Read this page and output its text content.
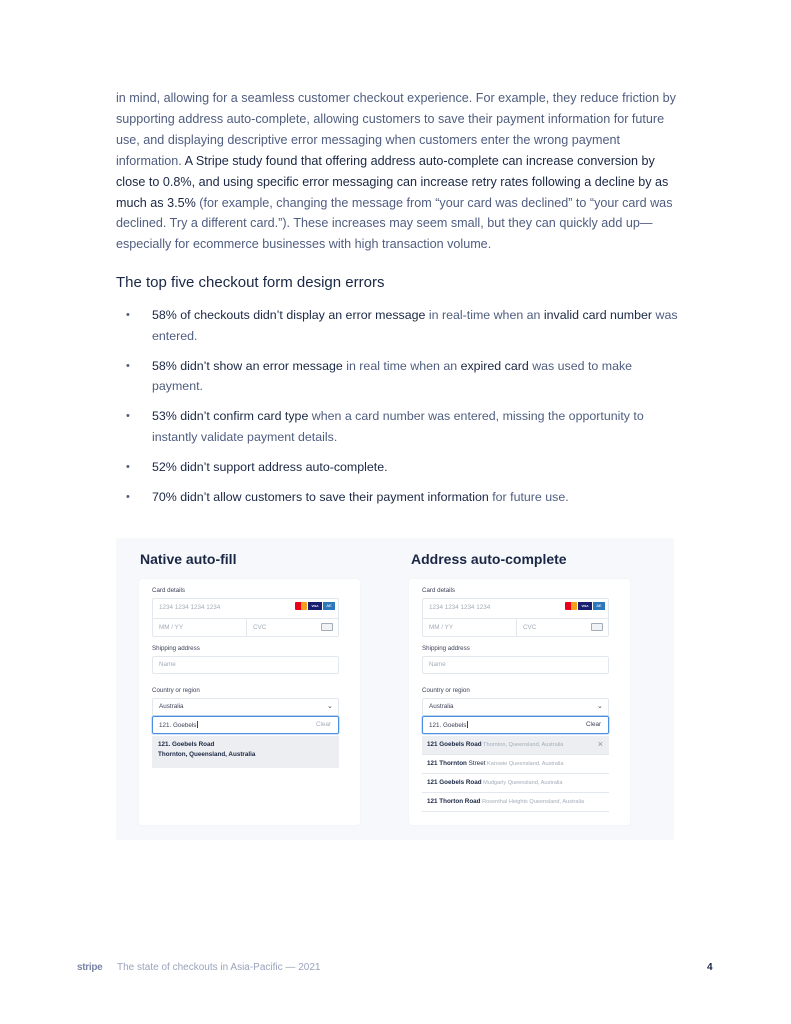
in mind, allowing for a seamless customer checkout experience. For example, they reduce friction by supporting address auto-complete, allowing customers to save their payment information for future use, and displaying descriptive error messaging when customers enter the wrong payment information. A Stripe study found that offering address auto-complete can increase conversion by close to 0.8%, and using specific error messaging can increase retry rates following a decline by as much as 3.5% (for example, changing the message from “your card was declined” to “your card was declined. Try a different card.”). These increases may seem small, but they can quickly add up—especially for ecommerce businesses with high transaction volume.

The top five checkout form design errors
• 58% of checkouts didn’t display an error message in real-time when an invalid card number was entered.
• 58% didn’t show an error message in real time when an expired card was used to make payment.
• 53% didn’t confirm card type when a card number was entered, missing the opportunity to instantly validate payment details.
• 52% didn’t support address auto-complete.
• 70% didn’t allow customers to save their payment information for future use.
Native auto-fill	Address auto-complete
Card details
1234 1234 1234 1234	VISA	AE
MM / YY	CVC
Shipping address
Name
Country or region
Australia	⌄
121. Goebels	Clear
121. Goebels Road
Thornton, Queensland, Australia
Card details
1234 1234 1234 1234	VISA	AE
MM / YY	CVC
Shipping address
Name
Country or region
Australia	⌄
121. Goebels	Clear
121 Goebels Road Thornton, Queensland, Australia	×
121 Thornton Street Karowie Queensland, Australia
121 Goebels Road Mudgarly Queensland, Australia
121 Thorton Road Rosenthal Heights Queensland, Australia
stripe The state of checkouts in Asia-Pacific — 2021	4
